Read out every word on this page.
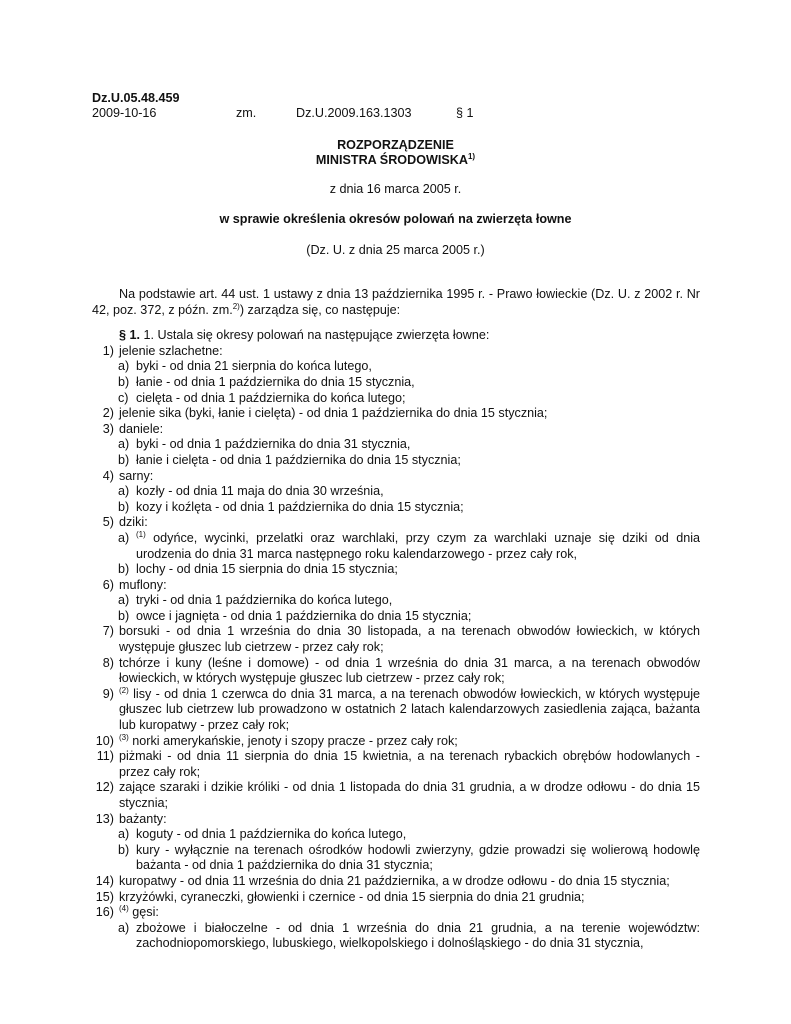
Dz.U.05.48.459
2009-10-16	zm.	Dz.U.2009.163.1303	§ 1
ROZPORZĄDZENIE
MINISTRA ŚRODOWISKA$^{1)}$
z dnia 16 marca 2005 r.
w sprawie określenia okresów polowań na zwierzęta łowne
(Dz. U. z dnia 25 marca 2005 r.)

Na podstawie art. 44 ust. 1 ustawy z dnia 13 października 1995 r. - Prawo łowieckie (Dz. U. z 2002 r. Nr 42, poz. 372, z późn. zm.$^{2)}$) zarządza się, co następuje:

§ 1. 1. Ustala się okresy polowań na następujące zwierzęta łowne:
1) jelenie szlachetne:
a) byki - od dnia 21 sierpnia do końca lutego,
b) łanie - od dnia 1 października do dnia 15 stycznia,
c) cielęta - od dnia 1 października do końca lutego;
2) jelenie sika (byki, łanie i cielęta) - od dnia 1 października do dnia 15 stycznia;
3) daniele:
a) byki - od dnia 1 października do dnia 31 stycznia,
b) łanie i cielęta - od dnia 1 października do dnia 15 stycznia;
4) sarny:
a) kozły - od dnia 11 maja do dnia 30 września,
b) kozy i koźlęta - od dnia 1 października do dnia 15 stycznia;
5) dziki:
a) $^{(1)}$ odyńce, wycinki, przelatki oraz warchlaki, przy czym za warchlaki uznaje się dziki od dnia urodzenia do dnia 31 marca następnego roku kalendarzowego - przez cały rok,
b) lochy - od dnia 15 sierpnia do dnia 15 stycznia;
6) muflony:
a) tryki - od dnia 1 października do końca lutego,
b) owce i jagnięta - od dnia 1 października do dnia 15 stycznia;
7) borsuki - od dnia 1 września do dnia 30 listopada, a na terenach obwodów łowieckich, w których występuje głuszec lub cietrzew - przez cały rok;
8) tchórze i kuny (leśne i domowe) - od dnia 1 września do dnia 31 marca, a na terenach obwodów łowieckich, w których występuje głuszec lub cietrzew - przez cały rok;
9) $^{(2)}$ lisy - od dnia 1 czerwca do dnia 31 marca, a na terenach obwodów łowieckich, w których występuje głuszec lub cietrzew lub prowadzono w ostatnich 2 latach kalendarzowych zasiedlenia zająca, bażanta lub kuropatwy - przez cały rok;
10) $^{(3)}$ norki amerykańskie, jenoty i szopy pracze - przez cały rok;
11) piżmaki - od dnia 11 sierpnia do dnia 15 kwietnia, a na terenach rybackich obrębów hodowlanych - przez cały rok;
12) zające szaraki i dzikie króliki - od dnia 1 listopada do dnia 31 grudnia, a w drodze odłowu - do dnia 15 stycznia;
13) bażanty:
a) koguty - od dnia 1 października do końca lutego,
b) kury - wyłącznie na terenach ośrodków hodowli zwierzyny, gdzie prowadzi się wolierową hodowlę bażanta - od dnia 1 października do dnia 31 stycznia;
14) kuropatwy - od dnia 11 września do dnia 21 października, a w drodze odłowu - do dnia 15 stycznia;
15) krzyżówki, cyraneczki, głowienki i czernice - od dnia 15 sierpnia do dnia 21 grudnia;
16) $^{(4)}$ gęsi:
a) zbożowe i białoczelne - od dnia 1 września do dnia 21 grudnia, a na terenie województw: zachodniopomorskiego, lubuskiego, wielkopolskiego i dolnośląskiego - do dnia 31 stycznia,
